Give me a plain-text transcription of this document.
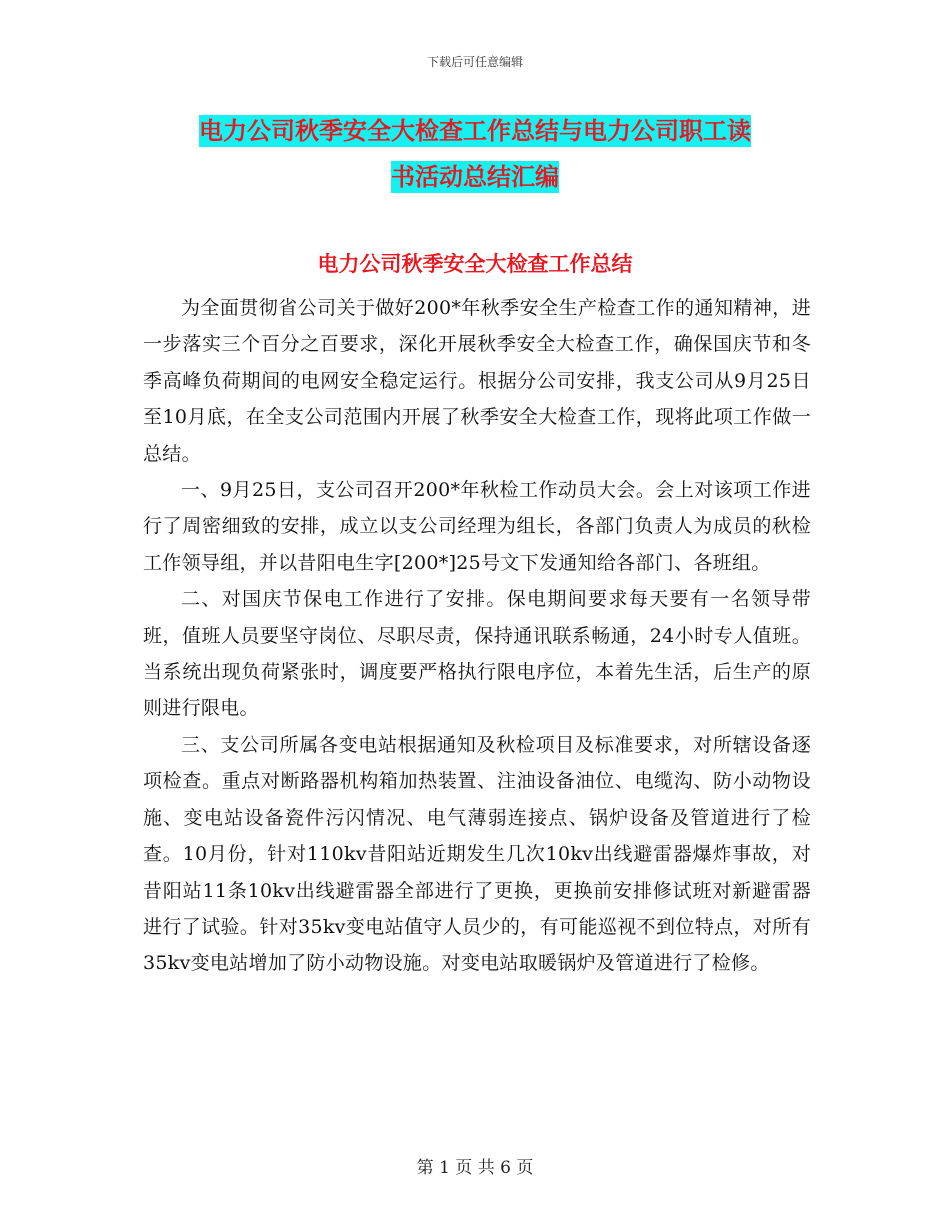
下载后可任意编辑
电力公司秋季安全大检查工作总结与电力公司职工读
书活动总结汇编
电力公司秋季安全大检查工作总结

为全面贯彻省公司关于做好200*年秋季安全生产检查工作的通知精神，进一步落实三个百分之百要求，深化开展秋季安全大检查工作，确保国庆节和冬季高峰负荷期间的电网安全稳定运行。根据分公司安排，我支公司从9月25日至10月底，在全支公司范围内开展了秋季安全大检查工作，现将此项工作做一总结。

一、9月25日，支公司召开200*年秋检工作动员大会。会上对该项工作进行了周密细致的安排，成立以支公司经理为组长，各部门负责人为成员的秋检工作领导组，并以昔阳电生字[200*]25号文下发通知给各部门、各班组。

二、对国庆节保电工作进行了安排。保电期间要求每天要有一名领导带班，值班人员要坚守岗位、尽职尽责，保持通讯联系畅通，24小时专人值班。当系统出现负荷紧张时，调度要严格执行限电序位，本着先生活，后生产的原则进行限电。

三、支公司所属各变电站根据通知及秋检项目及标准要求，对所辖设备逐项检查。重点对断路器机构箱加热装置、注油设备油位、电缆沟、防小动物设施、变电站设备瓷件污闪情况、电气薄弱连接点、锅炉设备及管道进行了检查。10月份，针对110kv昔阳站近期发生几次10kv出线避雷器爆炸事故，对昔阳站11条10kv出线避雷器全部进行了更换，更换前安排修试班对新避雷器进行了试验。针对35kv变电站值守人员少的，有可能巡视不到位特点，对所有35kv变电站增加了防小动物设施。对变电站取暖锅炉及管道进行了检修。

第 1 页 共 6 页
